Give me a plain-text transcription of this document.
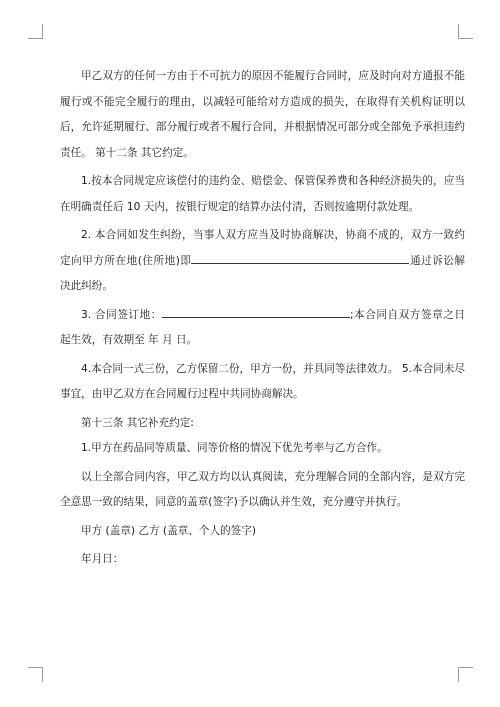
甲乙双方的任何一方由于不可抗力的原因不能履行合同时，应及时向对方通报不能履行或不能完全履行的理由，以减轻可能给对方造成的损失，在取得有关机构证明以后，允许延期履行、部分履行或者不履行合同，并根据情况可部分或全部免予承担违约责任。 第十二条 其它约定。

1.按本合同规定应该偿付的违约金、赔偿金、保管保养费和各种经济损失的，应当在明确责任后 10 天内，按银行规定的结算办法付清，否则按逾期付款处理。

2. 本合同如发生纠纷，当事人双方应当及时协商解决，协商不成的，双方一致约定向甲方所在地(住所地)即	通过诉讼解决此纠纷。

3. 合同签订地：	;本合同自双方签章之日起生效，有效期至 年 月 日。

4.本合同一式三份，乙方保留二份，甲方一份，并具同等法律效力。 5.本合同未尽事宜，由甲乙双方在合同履行过程中共同协商解决。

第十三条 其它补充约定:

1.甲方在药品同等质量、同等价格的情况下优先考率与乙方合作。

以上全部合同内容，甲乙双方均以认真阅读，充分理解合同的全部内容，是双方完全意思一致的结果，同意的盖章(签字)予以确认并生效，充分遵守并执行。

甲方 (盖章) 乙方 (盖章、个人的签字)

年月日：
